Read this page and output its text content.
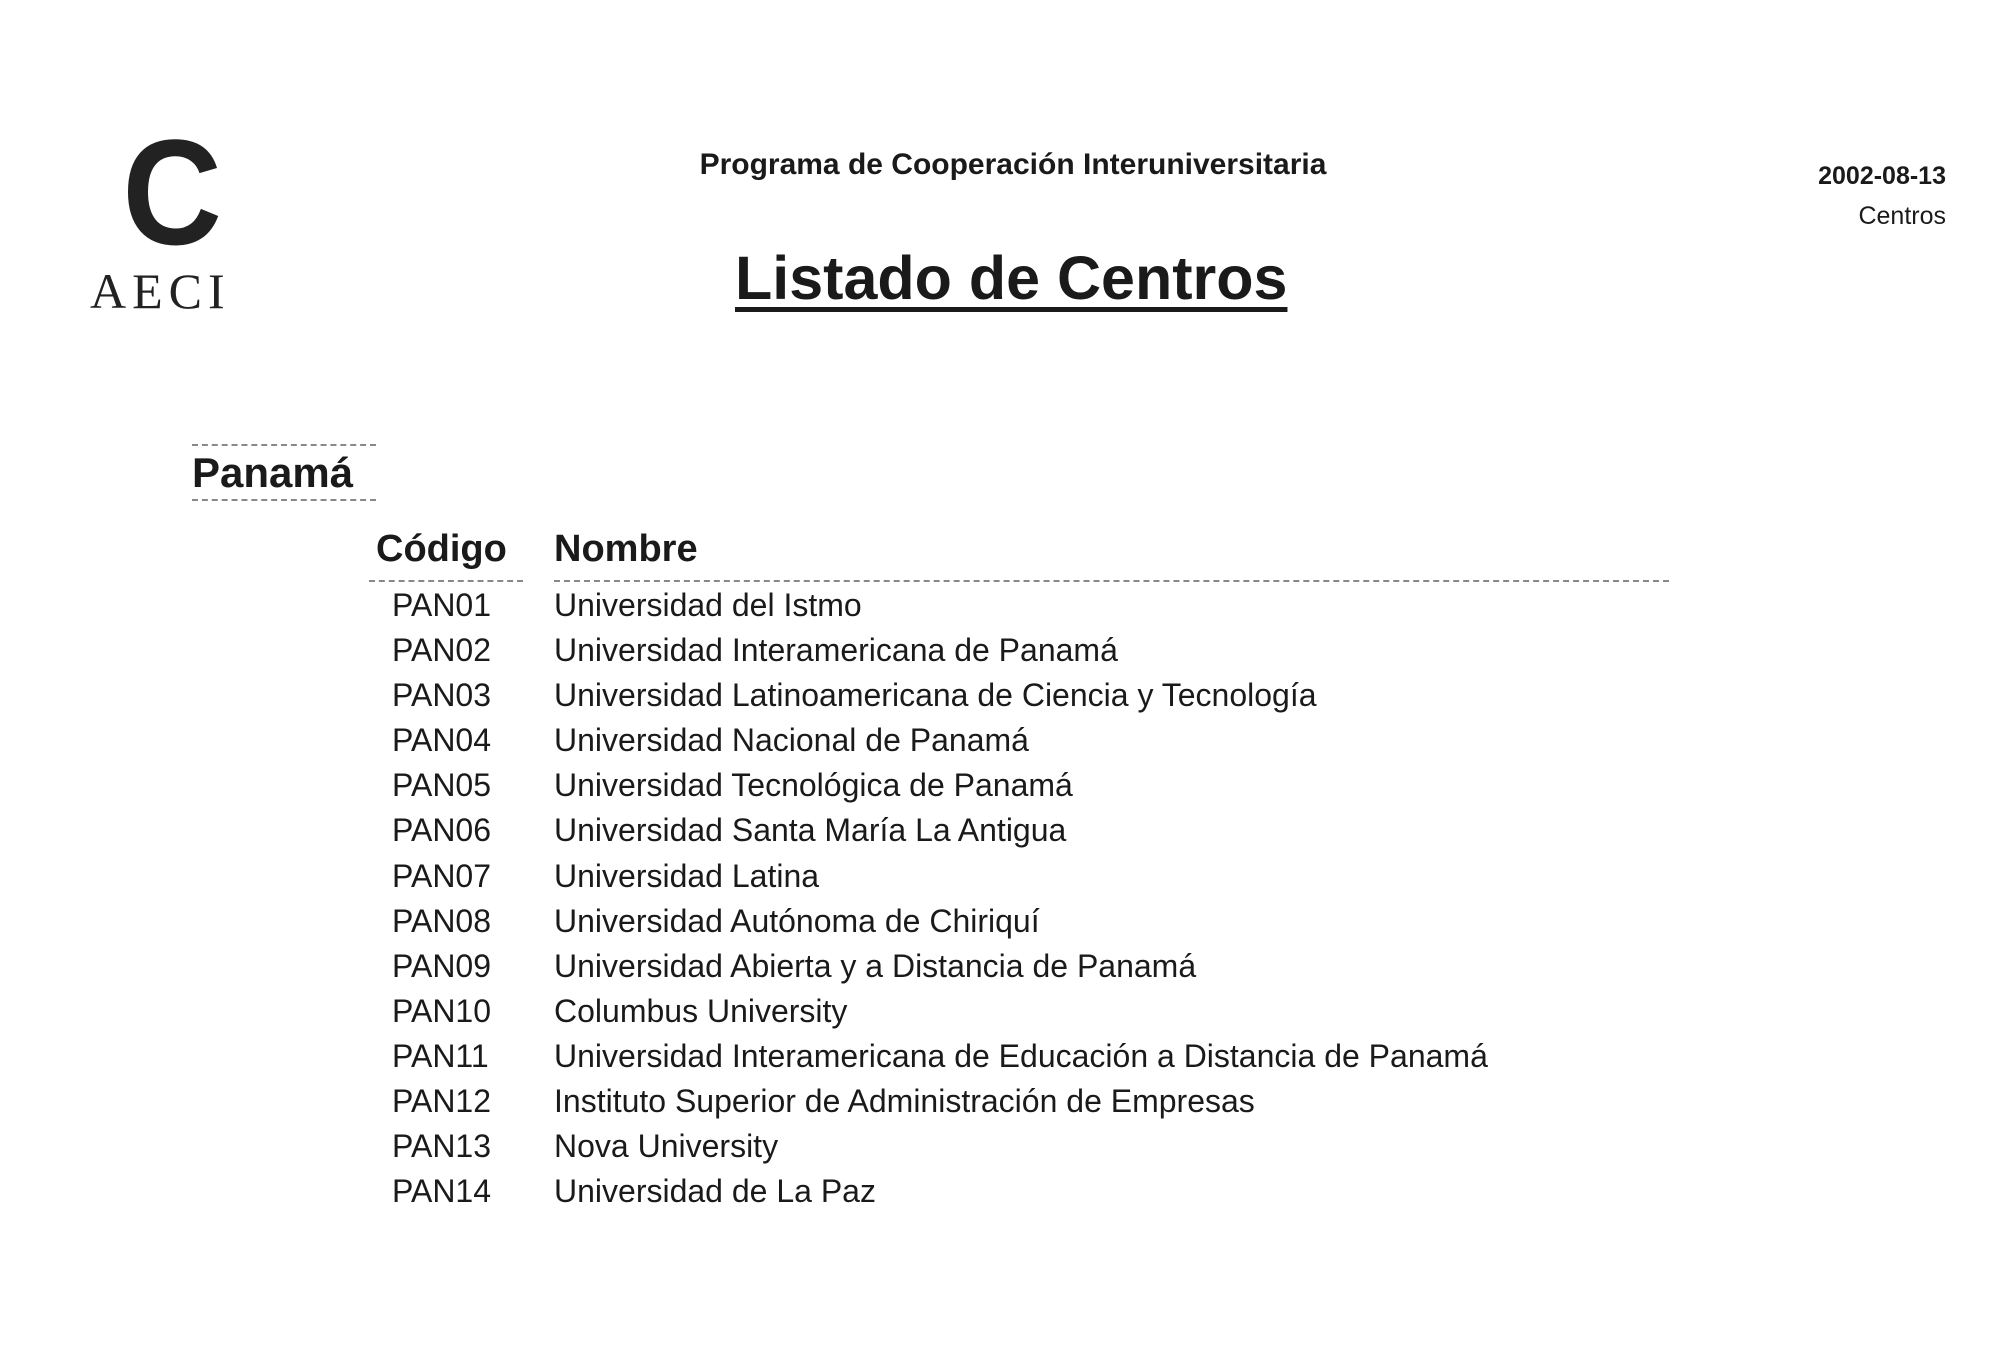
C
AECI
Programa de Cooperación Interuniversitaria
Listado de Centros
2002-08-13
Centros
Panamá
Código Nombre
PAN01 Universidad del Istmo
PAN02 Universidad Interamericana de Panamá
PAN03 Universidad Latinoamericana de Ciencia y Tecnología
PAN04 Universidad Nacional de Panamá
PAN05 Universidad Tecnológica de Panamá
PAN06 Universidad Santa María La Antigua
PAN07 Universidad Latina
PAN08 Universidad Autónoma de Chiriquí
PAN09 Universidad Abierta y a Distancia de Panamá
PAN10 Columbus University
PAN11 Universidad Interamericana de Educación a Distancia de Panamá
PAN12 Instituto Superior de Administración de Empresas
PAN13 Nova University
PAN14 Universidad de La Paz
